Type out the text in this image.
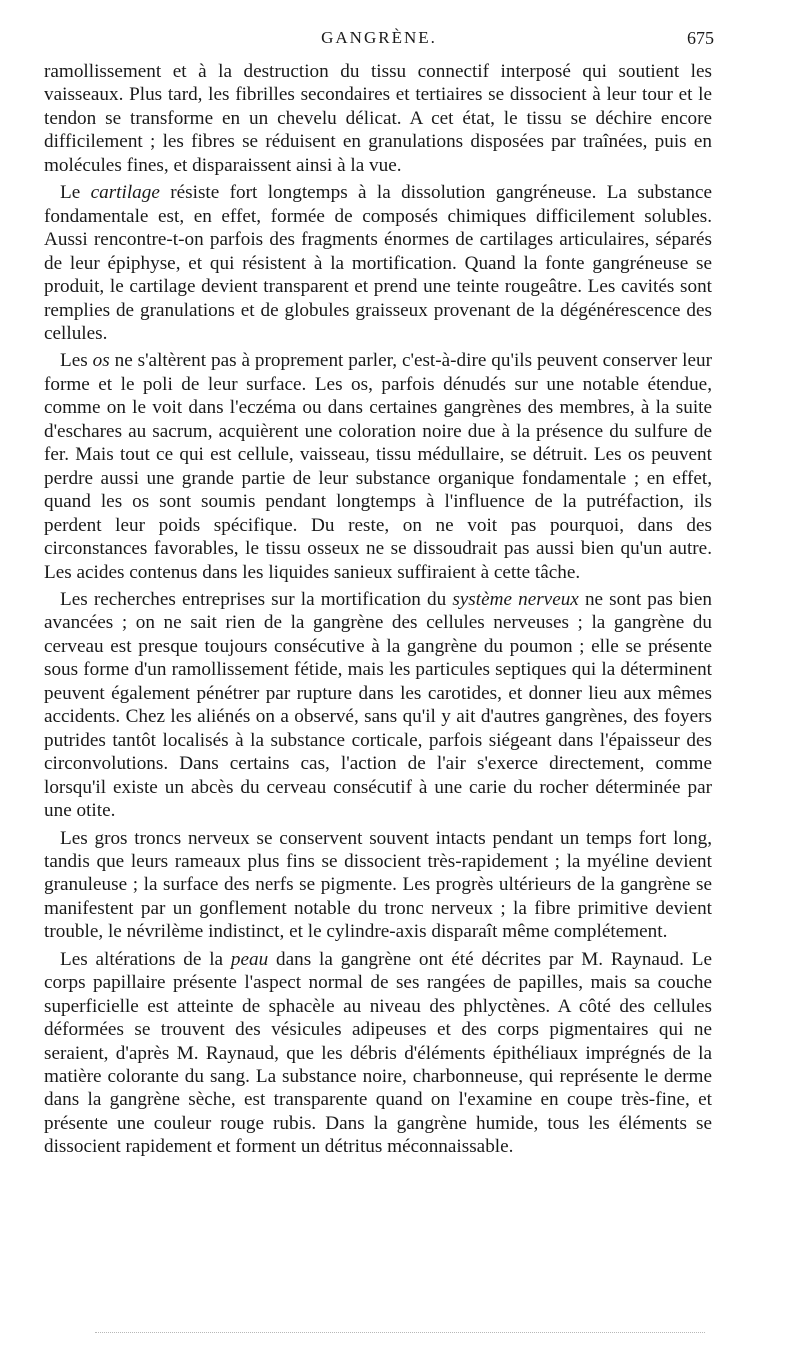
GANGRÈNE.	675

ramollissement et à la destruction du tissu connectif interposé qui soutient les vaisseaux. Plus tard, les fibrilles secondaires et tertiaires se dissocient à leur tour et le tendon se transforme en un chevelu délicat. A cet état, le tissu se déchire encore difficilement ; les fibres se réduisent en granulations disposées par traînées, puis en molécules fines, et disparaissent ainsi à la vue.

Le cartilage résiste fort longtemps à la dissolution gangréneuse. La substance fondamentale est, en effet, formée de composés chimiques difficilement solubles. Aussi rencontre-t-on parfois des fragments énormes de cartilages articulaires, séparés de leur épiphyse, et qui résistent à la mortification. Quand la fonte gangréneuse se produit, le cartilage devient transparent et prend une teinte rougeâtre. Les cavités sont remplies de granulations et de globules graisseux provenant de la dégénérescence des cellules.

Les os ne s'altèrent pas à proprement parler, c'est-à-dire qu'ils peuvent conserver leur forme et le poli de leur surface. Les os, parfois dénudés sur une notable étendue, comme on le voit dans l'eczéma ou dans certaines gangrènes des membres, à la suite d'eschares au sacrum, acquièrent une coloration noire due à la présence du sulfure de fer. Mais tout ce qui est cellule, vaisseau, tissu médullaire, se détruit. Les os peuvent perdre aussi une grande partie de leur substance organique fondamentale ; en effet, quand les os sont soumis pendant longtemps à l'influence de la putréfaction, ils perdent leur poids spécifique. Du reste, on ne voit pas pourquoi, dans des circonstances favorables, le tissu osseux ne se dissoudrait pas aussi bien qu'un autre. Les acides contenus dans les liquides sanieux suffiraient à cette tâche.

Les recherches entreprises sur la mortification du système nerveux ne sont pas bien avancées ; on ne sait rien de la gangrène des cellules nerveuses ; la gangrène du cerveau est presque toujours consécutive à la gangrène du poumon ; elle se présente sous forme d'un ramollissement fétide, mais les particules septiques qui la déterminent peuvent également pénétrer par rupture dans les carotides, et donner lieu aux mêmes accidents. Chez les aliénés on a observé, sans qu'il y ait d'autres gangrènes, des foyers putrides tantôt localisés à la substance corticale, parfois siégeant dans l'épaisseur des circonvolutions. Dans certains cas, l'action de l'air s'exerce directement, comme lorsqu'il existe un abcès du cerveau consécutif à une carie du rocher déterminée par une otite.

Les gros troncs nerveux se conservent souvent intacts pendant un temps fort long, tandis que leurs rameaux plus fins se dissocient très-rapidement ; la myéline devient granuleuse ; la surface des nerfs se pigmente. Les progrès ultérieurs de la gangrène se manifestent par un gonflement notable du tronc nerveux ; la fibre primitive devient trouble, le névrilème indistinct, et le cylindre-axis disparaît même complétement.

Les altérations de la peau dans la gangrène ont été décrites par M. Raynaud. Le corps papillaire présente l'aspect normal de ses rangées de papilles, mais sa couche superficielle est atteinte de sphacèle au niveau des phlyctènes. A côté des cellules déformées se trouvent des vésicules adipeuses et des corps pigmentaires qui ne seraient, d'après M. Raynaud, que les débris d'éléments épithéliaux imprégnés de la matière colorante du sang. La substance noire, charbonneuse, qui représente le derme dans la gangrène sèche, est transparente quand on l'examine en coupe très-fine, et présente une couleur rouge rubis. Dans la gangrène humide, tous les éléments se dissocient rapidement et forment un détritus méconnaissable.
